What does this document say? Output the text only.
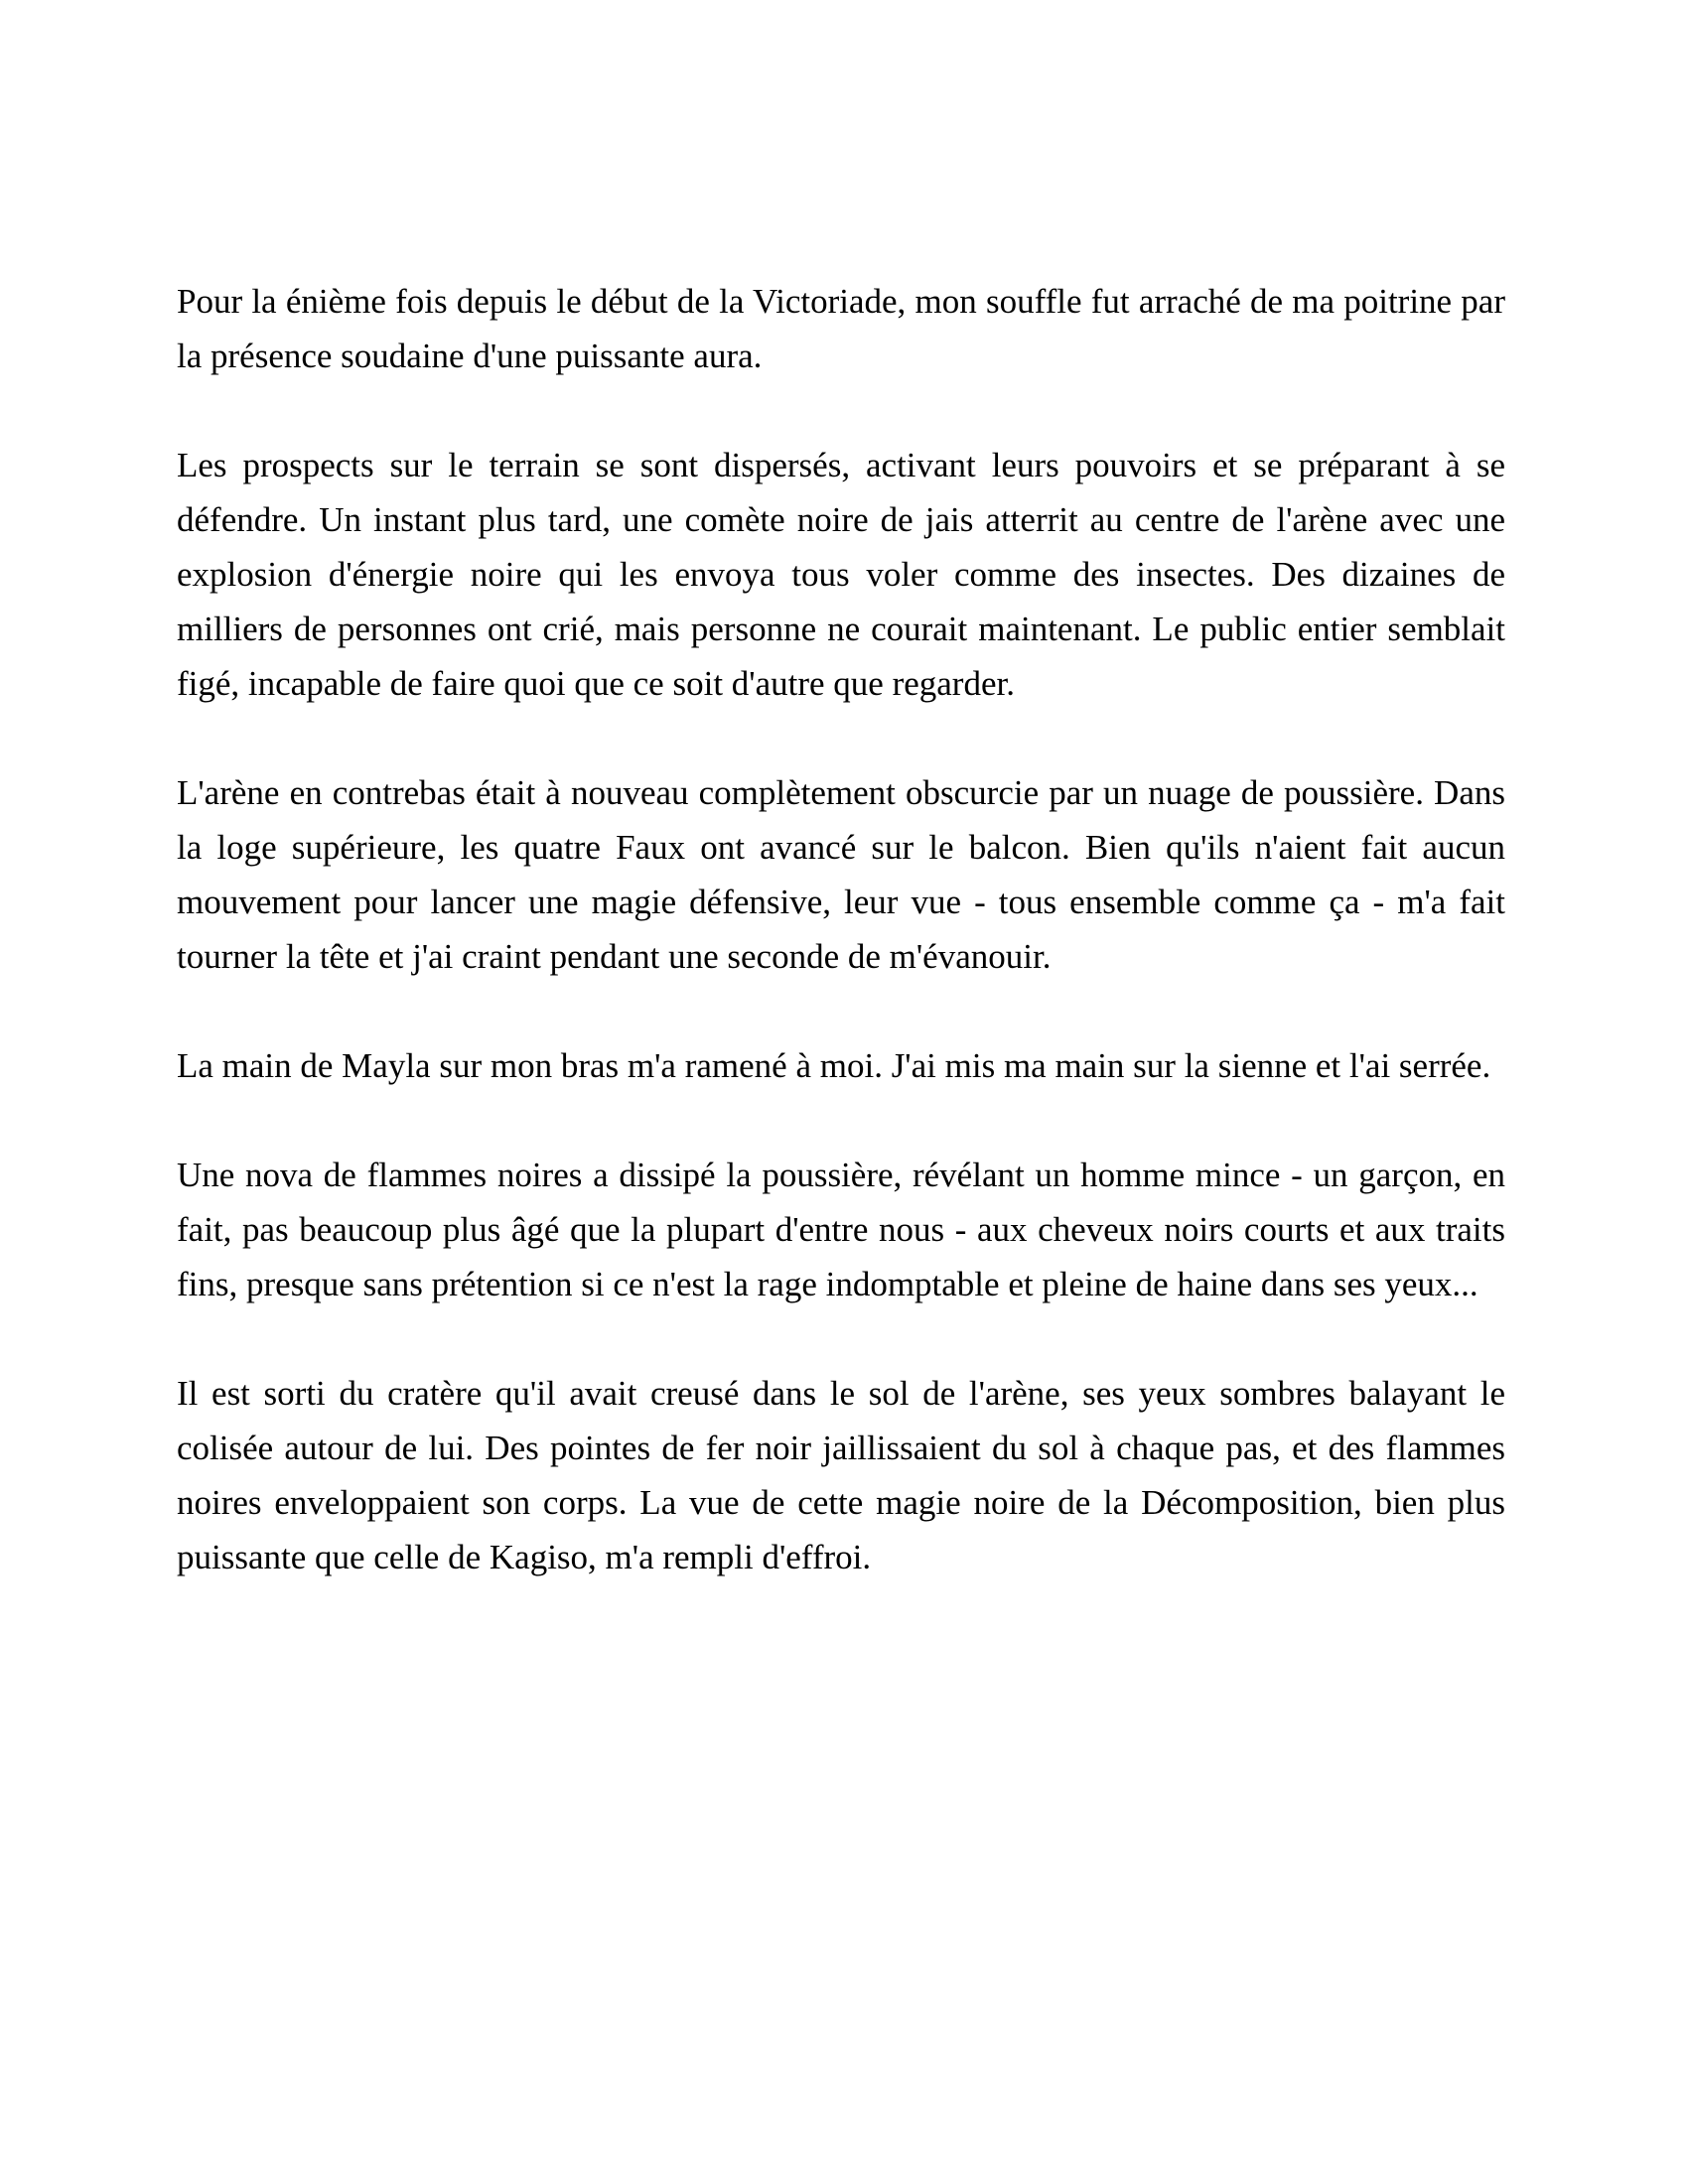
Pour la énième fois depuis le début de la Victoriade, mon souffle fut arraché de ma poitrine par la présence soudaine d'une puissante aura.

Les prospects sur le terrain se sont dispersés, activant leurs pouvoirs et se préparant à se défendre. Un instant plus tard, une comète noire de jais atterrit au centre de l'arène avec une explosion d'énergie noire qui les envoya tous voler comme des insectes. Des dizaines de milliers de personnes ont crié, mais personne ne courait maintenant. Le public entier semblait figé, incapable de faire quoi que ce soit d'autre que regarder.

L'arène en contrebas était à nouveau complètement obscurcie par un nuage de poussière. Dans la loge supérieure, les quatre Faux ont avancé sur le balcon. Bien qu'ils n'aient fait aucun mouvement pour lancer une magie défensive, leur vue - tous ensemble comme ça - m'a fait tourner la tête et j'ai craint pendant une seconde de m'évanouir.

La main de Mayla sur mon bras m'a ramené à moi. J'ai mis ma main sur la sienne et l'ai serrée.

Une nova de flammes noires a dissipé la poussière, révélant un homme mince - un garçon, en fait, pas beaucoup plus âgé que la plupart d'entre nous - aux cheveux noirs courts et aux traits fins, presque sans prétention si ce n'est la rage indomptable et pleine de haine dans ses yeux...

Il est sorti du cratère qu'il avait creusé dans le sol de l'arène, ses yeux sombres balayant le colisée autour de lui. Des pointes de fer noir jaillissaient du sol à chaque pas, et des flammes noires enveloppaient son corps. La vue de cette magie noire de la Décomposition, bien plus puissante que celle de Kagiso, m'a rempli d'effroi.
